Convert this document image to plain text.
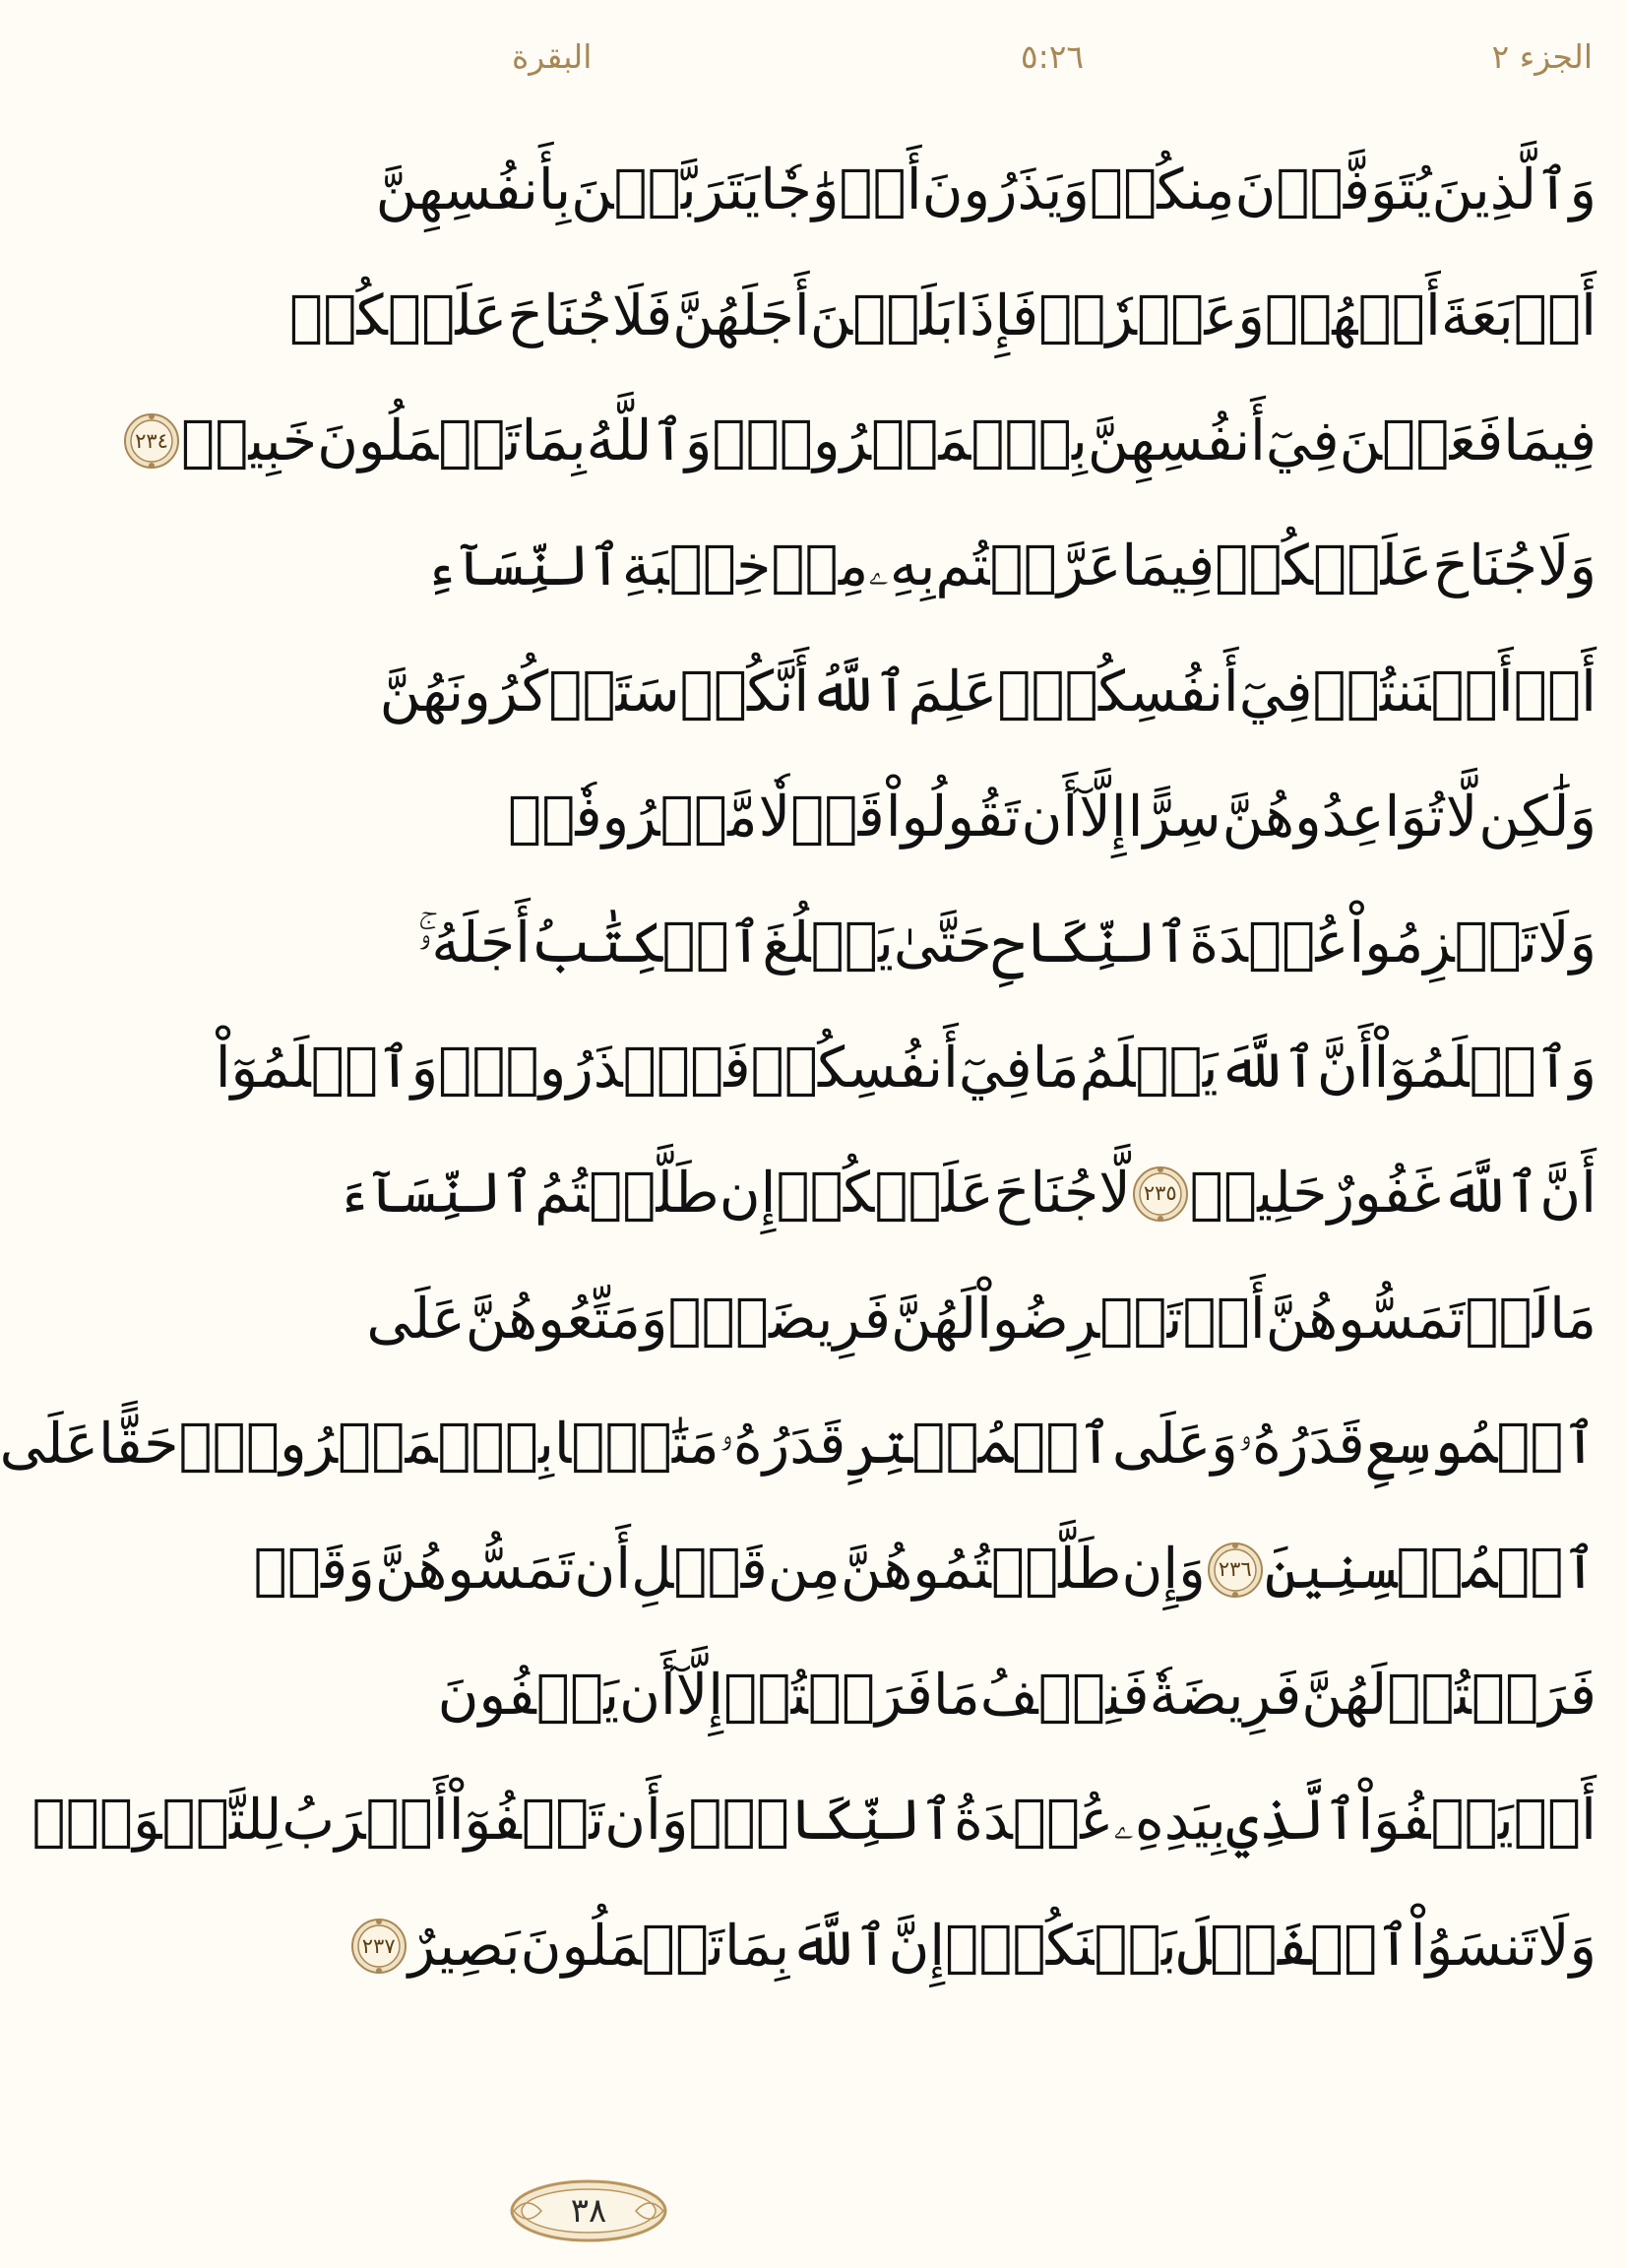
البقرة	٥:٢٦	الجزء ٢
وَٱلَّذِينَ
يُتَوَفَّوۡنَ
مِنكُمۡ
وَيَذَرُونَ
أَزۡوَٰجٗا
يَتَرَبَّصۡنَ
بِأَنفُسِهِنَّ
أَرۡبَعَةَ
أَشۡهُرٖ
وَعَشۡرٗاۖ
فَإِذَا
بَلَغۡنَ
أَجَلَهُنَّ
فَلَا
جُنَاحَ
عَلَيۡكُمۡ
فِيمَا
فَعَلۡنَ
فِيٓ
أَنفُسِهِنَّ
بِٱلۡمَعۡرُوفِۗ
وَٱللَّهُ
بِمَا
تَعۡمَلُونَ
خَبِيرٞ
٢٣٤
وَلَا
جُنَاحَ
عَلَيۡكُمۡ
فِيمَا
عَرَّضۡتُم
بِهِۦ
مِنۡ
خِطۡبَةِ
ٱلنِّسَآءِ
أَوۡ
أَكۡنَنتُمۡ
فِيٓ
أَنفُسِكُمۡۚ
عَلِمَ
ٱللَّهُ
أَنَّكُمۡ
سَتَذۡكُرُونَهُنَّ
وَلَٰكِن
لَّا
تُوَاعِدُوهُنَّ
سِرًّا
إِلَّآ
أَن
تَقُولُواْ
قَوۡلٗا
مَّعۡرُوفٗاۚ
وَلَا
تَعۡزِمُواْ
عُقۡدَةَ
ٱلنِّكَاحِ
حَتَّىٰ
يَبۡلُغَ
ٱلۡكِتَٰبُ
أَجَلَهُۥۚ
وَٱعۡلَمُوٓاْ
أَنَّ
ٱللَّهَ
يَعۡلَمُ
مَا
فِيٓ
أَنفُسِكُمۡ
فَٱحۡذَرُوهُۚ
وَٱعۡلَمُوٓاْ
أَنَّ
ٱللَّهَ
غَفُورٌ
حَلِيمٞ
٢٣٥
لَّا
جُنَاحَ
عَلَيۡكُمۡ
إِن
طَلَّقۡتُمُ
ٱلنِّسَآءَ
مَا
لَمۡ
تَمَسُّوهُنَّ
أَوۡ
تَفۡرِضُواْ
لَهُنَّ
فَرِيضَةٗۚ
وَمَتِّعُوهُنَّ
عَلَى
ٱلۡمُوسِعِ
قَدَرُهُۥ
وَعَلَى
ٱلۡمُقۡتِرِ
قَدَرُهُۥ
مَتَٰعَۢا
بِٱلۡمَعۡرُوفِۖ
حَقًّا
عَلَى
ٱلۡمُحۡسِنِينَ
٢٣٦
وَإِن
طَلَّقۡتُمُوهُنَّ
مِن
قَبۡلِ
أَن
تَمَسُّوهُنَّ
وَقَدۡ
فَرَضۡتُمۡ
لَهُنَّ
فَرِيضَةٗ
فَنِصۡفُ
مَا
فَرَضۡتُمۡ
إِلَّآ
أَن
يَعۡفُونَ
أَوۡ
يَعۡفُوَاْ
ٱلَّذِي
بِيَدِهِۦ
عُقۡدَةُ
ٱلنِّكَاحِۚ
وَأَن
تَعۡفُوٓاْ
أَقۡرَبُ
لِلتَّقۡوَىٰۚ
وَلَا
تَنسَوُاْ
ٱلۡفَضۡلَ
بَيۡنَكُمۡۚ
إِنَّ
ٱللَّهَ
بِمَا
تَعۡمَلُونَ
بَصِيرٌ
٢٣٧
٣٨
